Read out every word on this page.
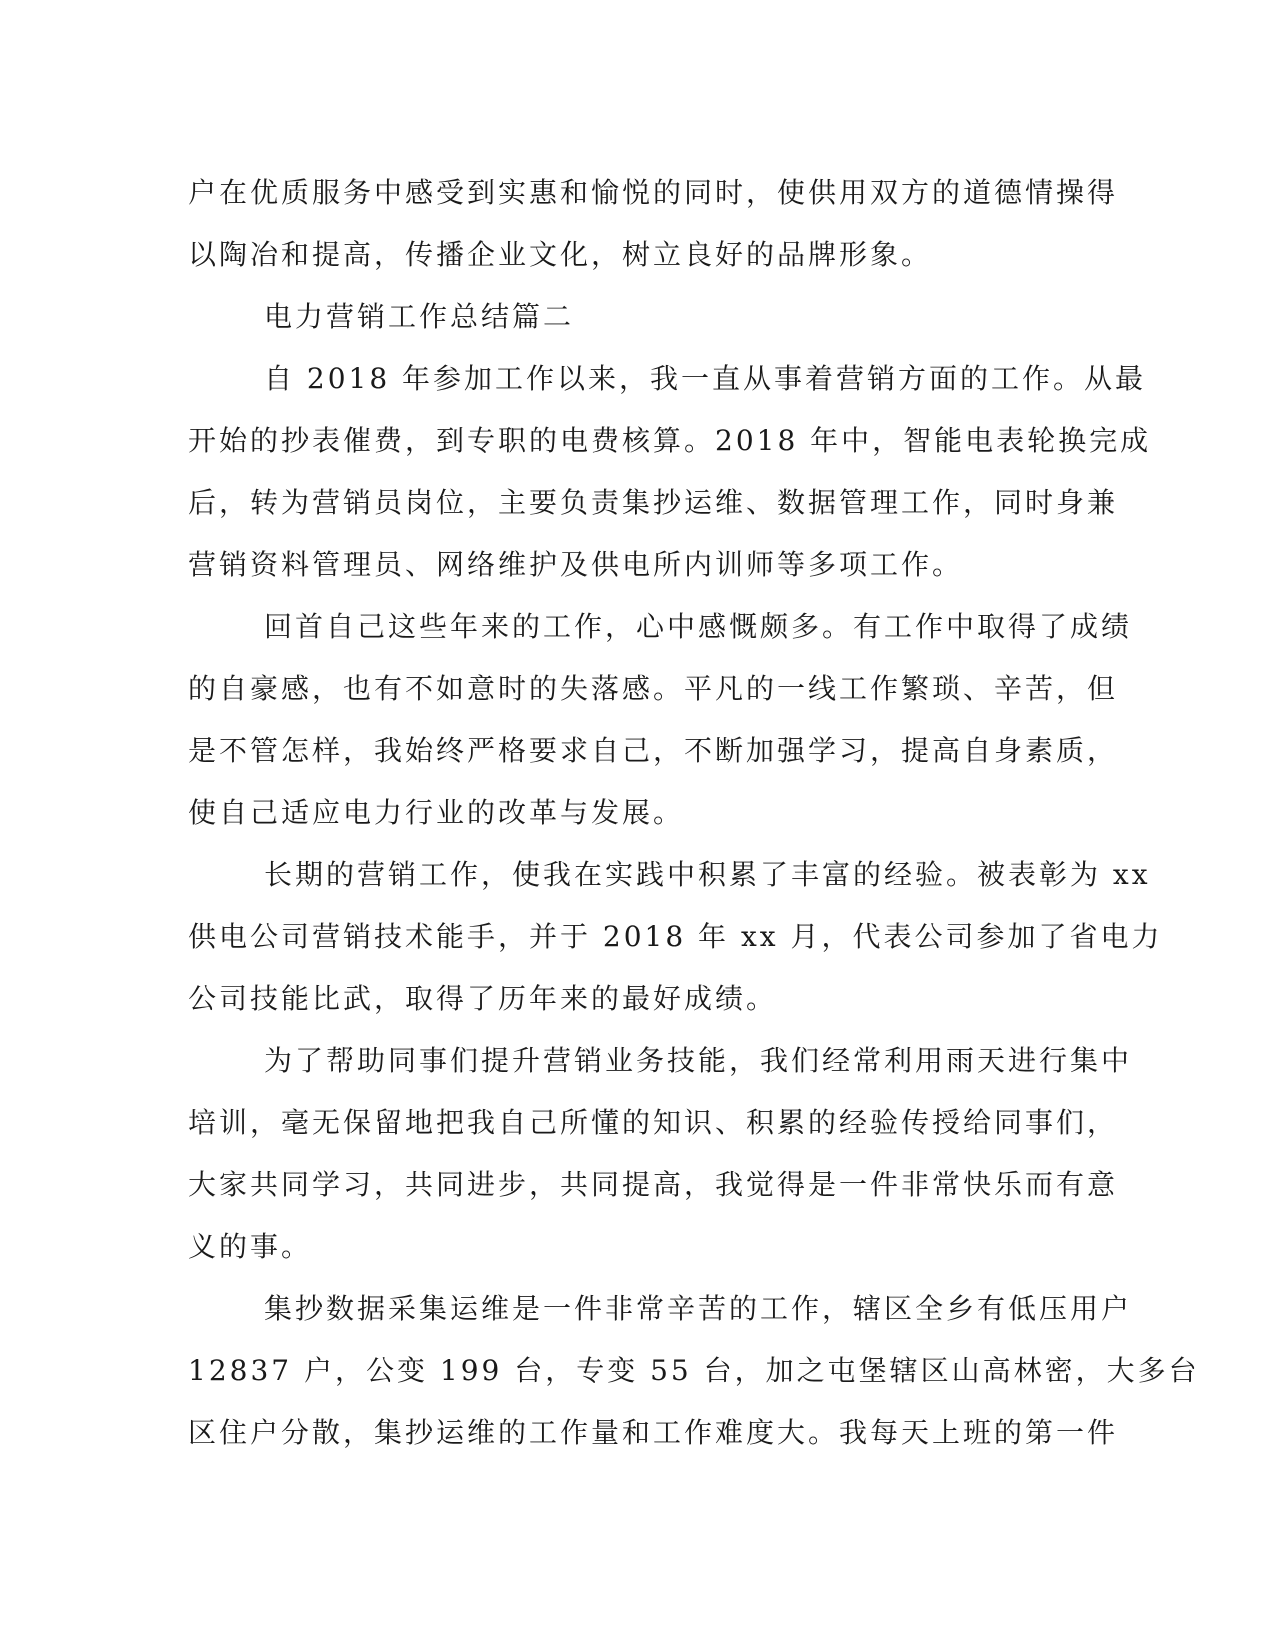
户在优质服务中感受到实惠和愉悦的同时，使供用双方的道德情操得
以陶冶和提高，传播企业文化，树立良好的品牌形象。
电力营销工作总结篇二
自 2018 年参加工作以来，我一直从事着营销方面的工作。从最
开始的抄表催费，到专职的电费核算。2018 年中，智能电表轮换完成
后，转为营销员岗位，主要负责集抄运维、数据管理工作，同时身兼
营销资料管理员、网络维护及供电所内训师等多项工作。
回首自己这些年来的工作，心中感慨颇多。有工作中取得了成绩
的自豪感，也有不如意时的失落感。平凡的一线工作繁琐、辛苦，但
是不管怎样，我始终严格要求自己，不断加强学习，提高自身素质，
使自己适应电力行业的改革与发展。
长期的营销工作，使我在实践中积累了丰富的经验。被表彰为 xx
供电公司营销技术能手，并于 2018 年 xx 月，代表公司参加了省电力
公司技能比武，取得了历年来的最好成绩。
为了帮助同事们提升营销业务技能，我们经常利用雨天进行集中
培训，毫无保留地把我自己所懂的知识、积累的经验传授给同事们，
大家共同学习，共同进步，共同提高，我觉得是一件非常快乐而有意
义的事。
集抄数据采集运维是一件非常辛苦的工作，辖区全乡有低压用户
12837 户，公变 199 台，专变 55 台，加之屯堡辖区山高林密，大多台
区住户分散，集抄运维的工作量和工作难度大。我每天上班的第一件
